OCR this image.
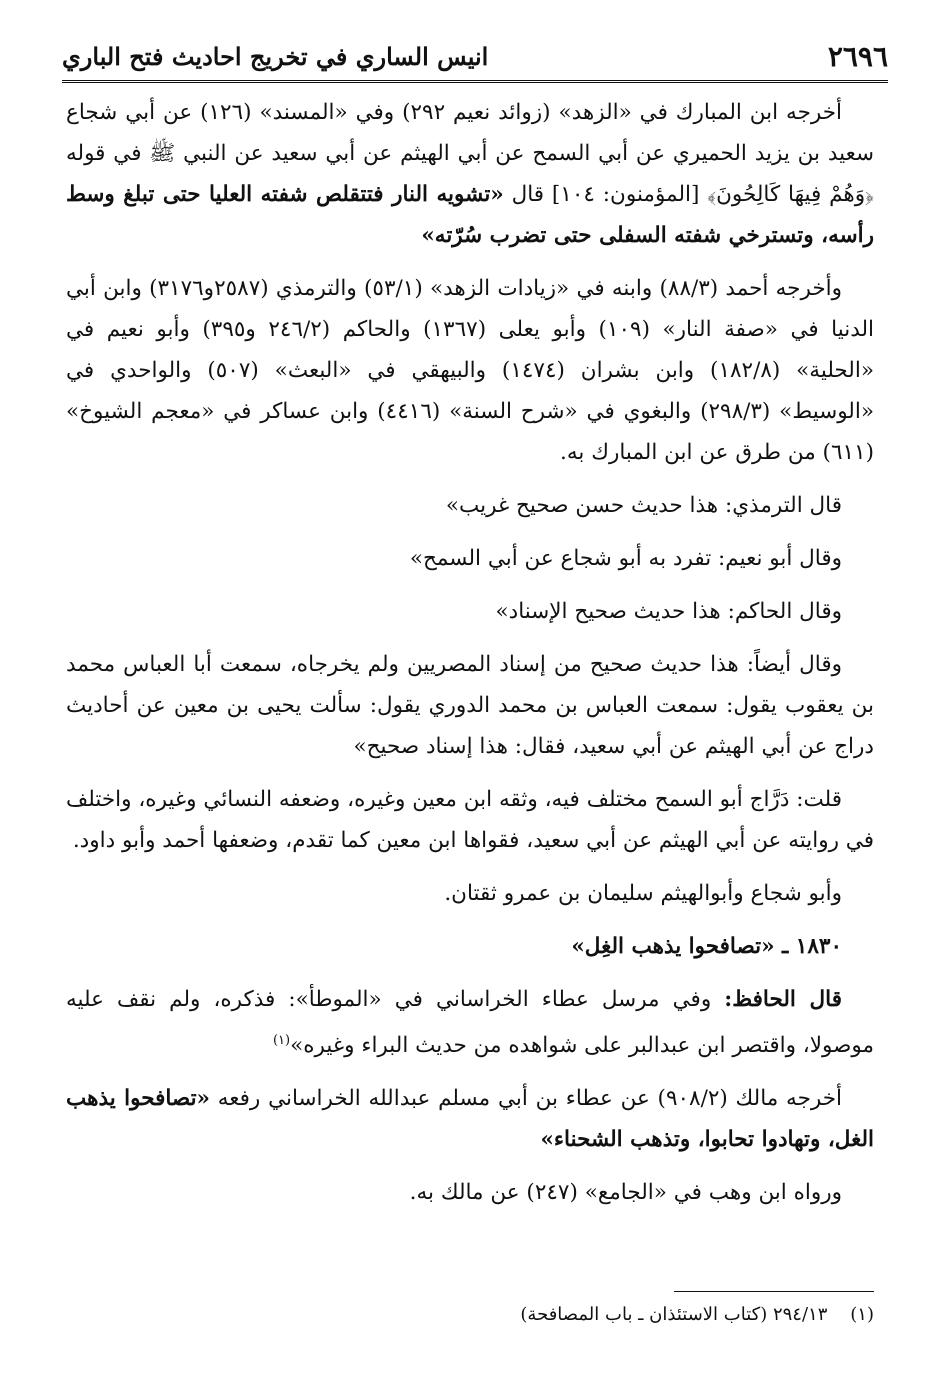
٢٦٩٦
انيس الساري في تخريج احاديث فتح الباري

أخرجه ابن المبارك في «الزهد» (زوائد نعيم ٢٩٢) وفي «المسند» (١٢٦) عن أبي شجاع سعيد بن يزيد الحميري عن أبي السمح عن أبي الهيثم عن أبي سعيد عن النبي ﷺ في قوله ﴿وَهُمْ فِيهَا كَالِحُونَ﴾ [المؤمنون: ١٠٤] قال «تشويه النار فتتقلص شفته العليا حتى تبلغ وسط رأسه، وتسترخي شفته السفلى حتى تضرب سُرّته»

وأخرجه أحمد (٨٨/٣) وابنه في «زيادات الزهد» (٥٣/١) والترمذي (٢٥٨٧و٣١٧٦) وابن أبي الدنيا في «صفة النار» (١٠٩) وأبو يعلى (١٣٦٧) والحاكم (٢٤٦/٢ و٣٩٥) وأبو نعيم في «الحلية» (١٨٢/٨) وابن بشران (١٤٧٤) والبيهقي في «البعث» (٥٠٧) والواحدي في «الوسيط» (٢٩٨/٣) والبغوي في «شرح السنة» (٤٤١٦) وابن عساكر في «معجم الشيوخ» (٦١١) من طرق عن ابن المبارك به.

قال الترمذي: هذا حديث حسن صحيح غريب»

وقال أبو نعيم: تفرد به أبو شجاع عن أبي السمح»

وقال الحاكم: هذا حديث صحيح الإسناد»

وقال أيضاً: هذا حديث صحيح من إسناد المصريين ولم يخرجاه، سمعت أبا العباس محمد بن يعقوب يقول: سمعت العباس بن محمد الدوري يقول: سألت يحيى بن معين عن أحاديث دراج عن أبي الهيثم عن أبي سعيد، فقال: هذا إسناد صحيح»

قلت: دَرَّاج أبو السمح مختلف فيه، وثقه ابن معين وغيره، وضعفه النسائي وغيره، واختلف في روايته عن أبي الهيثم عن أبي سعيد، فقواها ابن معين كما تقدم، وضعفها أحمد وأبو داود.

وأبو شجاع وأبوالهيثم سليمان بن عمرو ثقتان.

١٨٣٠ ـ «تصافحوا يذهب الغِل»

قال الحافظ: وفي مرسل عطاء الخراساني في «الموطأ»: فذكره، ولم نقف عليه موصولا، واقتصر ابن عبدالبر على شواهده من حديث البراء وغيره»$^{(١)}$

أخرجه مالك (٩٠٨/٢) عن عطاء بن أبي مسلم عبدالله الخراساني رفعه «تصافحوا يذهب الغل، وتهادوا تحابوا، وتذهب الشحناء»

ورواه ابن وهب في «الجامع» (٢٤٧) عن مالك به.

(١)    ٢٩٤/١٣ (كتاب الاستئذان ـ باب المصافحة)
